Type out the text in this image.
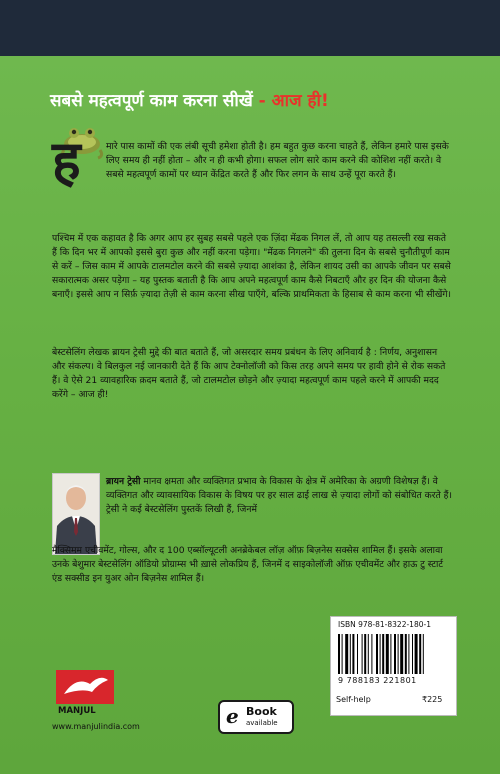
सबसे महत्वपूर्ण काम करना सीखें - आज ही!
ह	मारे पास कामों की एक लंबी सूची हमेशा होती है। हम बहुत कुछ करना चाहते हैं, लेकिन हमारे पास इसके लिए समय ही नहीं होता – और न ही कभी होगा। सफल लोग सारे काम करने की कोशिश नहीं करते। वे सबसे महत्वपूर्ण कामों पर ध्यान केंद्रित करते हैं और फिर लगन के साथ उन्हें पूरा करते हैं।
पश्चिम में एक कहावत है कि अगर आप हर सुबह सबसे पहले एक ज़िंदा मेंढक निगल लें, तो आप यह तसल्ली रख सकते हैं कि दिन भर में आपको इससे बुरा कुछ और नहीं करना पड़ेगा। "मेंढक निगलने" की तुलना दिन के सबसे चुनौतीपूर्ण काम से करें – जिस काम में आपके टालमटोल करने की सबसे ज़्यादा आशंका है, लेकिन शायद उसी का आपके जीवन पर सबसे सकारात्मक असर पड़ेगा – यह पुस्तक बताती है कि आप अपने महत्वपूर्ण काम कैसे निबटाएँ और हर दिन की योजना कैसे बनाएँ। इससे आप न सिर्फ़ ज़्यादा तेज़ी से काम करना सीख पाएँगे, बल्कि प्राथमिकता के हिसाब से काम करना भी सीखेंगे।
बेस्टसेलिंग लेखक ब्रायन ट्रेसी मुद्दे की बात बताते हैं, जो असरदार समय प्रबंधन के लिए अनिवार्य है : निर्णय, अनुशासन और संकल्प। वे बिलकुल नई जानकारी देते हैं कि आप टेक्नोलॉजी को किस तरह अपने समय पर हावी होने से रोक सकते हैं। वे ऐसे 21 व्यावहारिक क़दम बताते हैं, जो टालमटोल छोड़ने और ज़्यादा महत्वपूर्ण काम पहले करने में आपकी मदद करेंगे – आज ही!
ब्रायन ट्रेसी मानव क्षमता और व्यक्तिगत प्रभाव के विकास के क्षेत्र में अमेरिका के अग्रणी विशेषज्ञ हैं। वे व्यक्तिगत और व्यावसायिक विकास के विषय पर हर साल ढाई लाख से ज़्यादा लोगों को संबोधित करते हैं। ट्रेसी ने कई बेस्टसेलिंग पुस्तकें लिखी हैं, जिनमें
मैक्सिमम एचीवमेंट, गोल्स, और द 100 एब्सॉल्यूटली अनब्रेकेबल लॉज़ ऑफ़ बिज़नेस सक्सेस शामिल हैं। इसके अलावा उनके बेशुमार बेस्टसेलिंग ऑडियो प्रोग्राम्स भी ख़ासे लोकप्रिय हैं, जिनमें द साइकोलॉजी ऑफ़ एचीवमेंट और हाऊ टु स्टार्ट एंड सक्सीड इन युअर ओन बिज़नेस शामिल हैं।
MANJUL
www.manjulindia.com	e Book
available
ISBN 978-81-8322-180-1
9 788183 221801
Self-help	₹225
